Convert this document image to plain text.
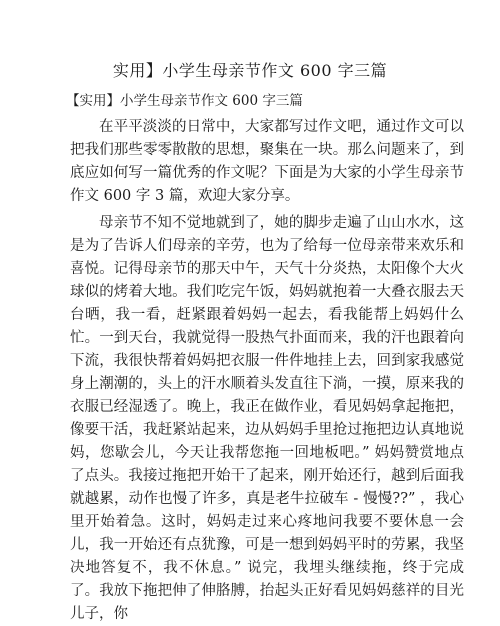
实用】小学生母亲节作文 600 字三篇
【实用】小学生母亲节作文 600 字三篇

在平平淡淡的日常中，大家都写过作文吧，通过作文可以把我们那些零零散散的思想，聚集在一块。那么问题来了，到底应如何写一篇优秀的作文呢？下面是为大家的小学生母亲节作文 600 字 3 篇，欢迎大家分享。

母亲节不知不觉地就到了，她的脚步走遍了山山水水，这是为了告诉人们母亲的辛劳，也为了给每一位母亲带来欢乐和喜悦。记得母亲节的那天中午，天气十分炎热，太阳像个大火球似的烤着大地。我们吃完午饭，妈妈就抱着一大叠衣服去天台晒，我一看，赶紧跟着妈妈一起去，看我能帮上妈妈什么忙。一到天台，我就觉得一股热气扑面而来，我的汗也跟着向下流，我很快帮着妈妈把衣服一件件地挂上去，回到家我感觉身上潮潮的，头上的汗水顺着头发直往下淌，一摸，原来我的衣服已经湿透了。晚上，我正在做作业，看见妈妈拿起拖把，像要干活，我赶紧站起来，边从妈妈手里抢过拖把边认真地说妈，您歇会儿，今天让我帮您拖一回地板吧。” 妈妈赞赏地点了点头。我接过拖把开始干了起来，刚开始还行，越到后面我就越累，动作也慢了许多，真是老牛拉破车 - 慢慢??” ，我心里开始着急。这时，妈妈走过来心疼地问我要不要休息一会儿，我一开始还有点犹豫，可是一想到妈妈平时的劳累，我坚决地答复不，我不休息。” 说完，我埋头继续拖，终于完成了。我放下拖把伸了伸胳膊，抬起头正好看见妈妈慈祥的目光儿子，你
